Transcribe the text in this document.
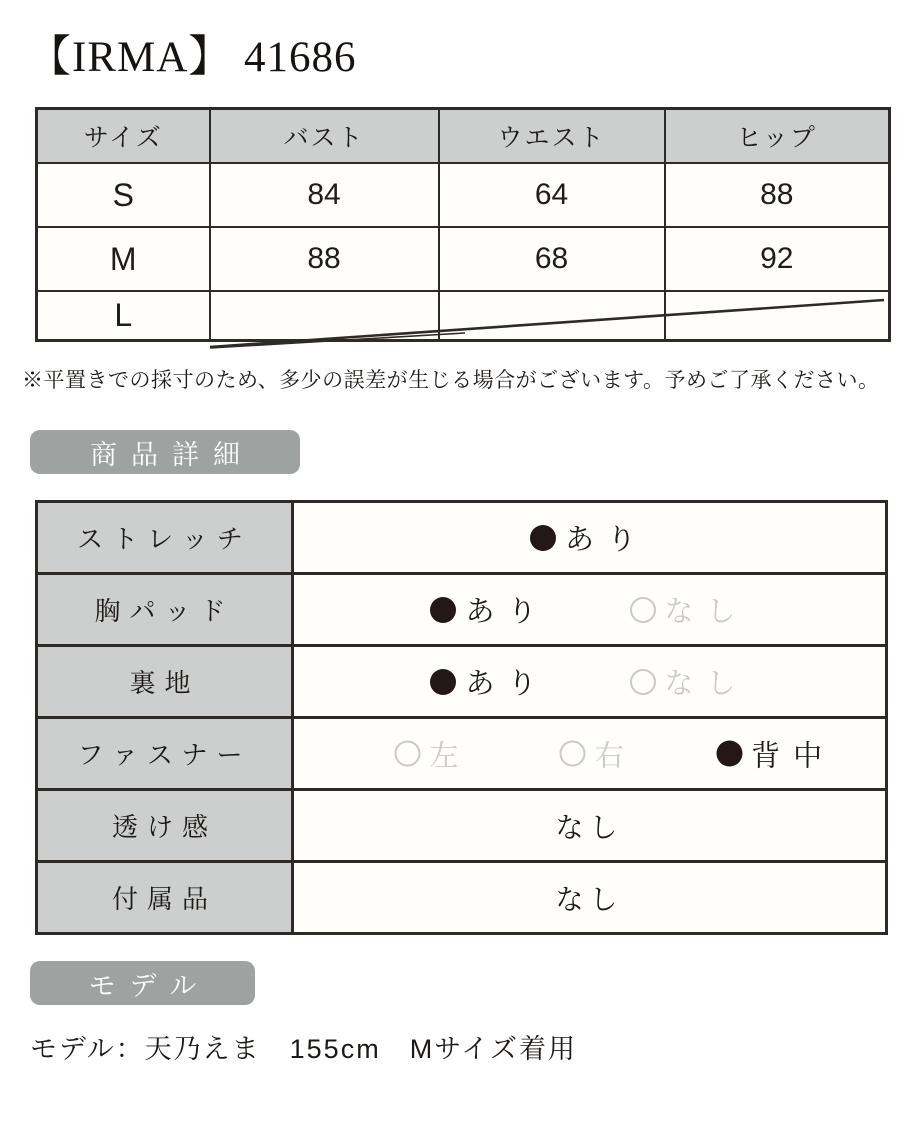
【IRMA】 41686
サイズ	バスト	ウエスト	ヒップ
S	84	64	88
M	88	68	92
L			
※平置きでの採寸のため、多少の誤差が生じる場合がございます。予めご了承ください。
商品詳細
ストレッチ	あり

胸パッド	あり なし

裏地	あり なし

ファスナー	左 右 背中

透け感	なし

付属品	なし
モデル
モデル：天乃えま　155cm　Mサイズ着用
